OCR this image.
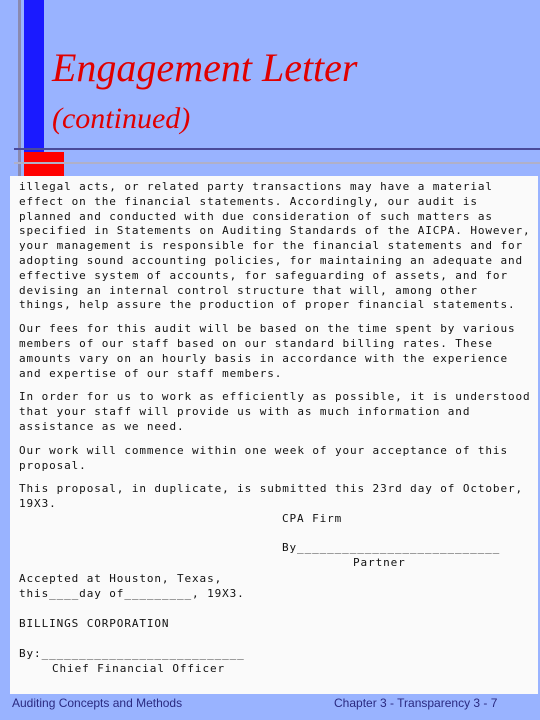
Engagement Letter
(continued)
Auditing Concepts and Methods	Chapter 3 - Transparency 3 - 7

illegal acts, or related party transactions may have a material effect on the financial statements. Accordingly, our audit is planned and conducted with due consideration of such matters as specified in Statements on Auditing Standards of the AICPA. However, your management is responsible for the financial statements and for adopting sound accounting policies, for maintaining an adequate and effective system of accounts, for safeguarding of assets, and for devising an internal control structure that will, among other things, help assure the production of proper financial statements.

Our fees for this audit will be based on the time spent by various members of our staff based on our standard billing rates. These amounts vary on an hourly basis in accordance with the experience and expertise of our staff members.

In order for us to work as efficiently as possible, it is understood that your staff will provide us with as much information and assistance as we need.

Our work will commence within one week of your acceptance of this proposal.

This proposal, in duplicate, is submitted this 23rd day of October, 19X3.

CPA Firm
By___________________________
Partner
Accepted at Houston, Texas,
this____day of_________, 19X3.
BILLINGS CORPORATION
By:___________________________
Chief Financial Officer
